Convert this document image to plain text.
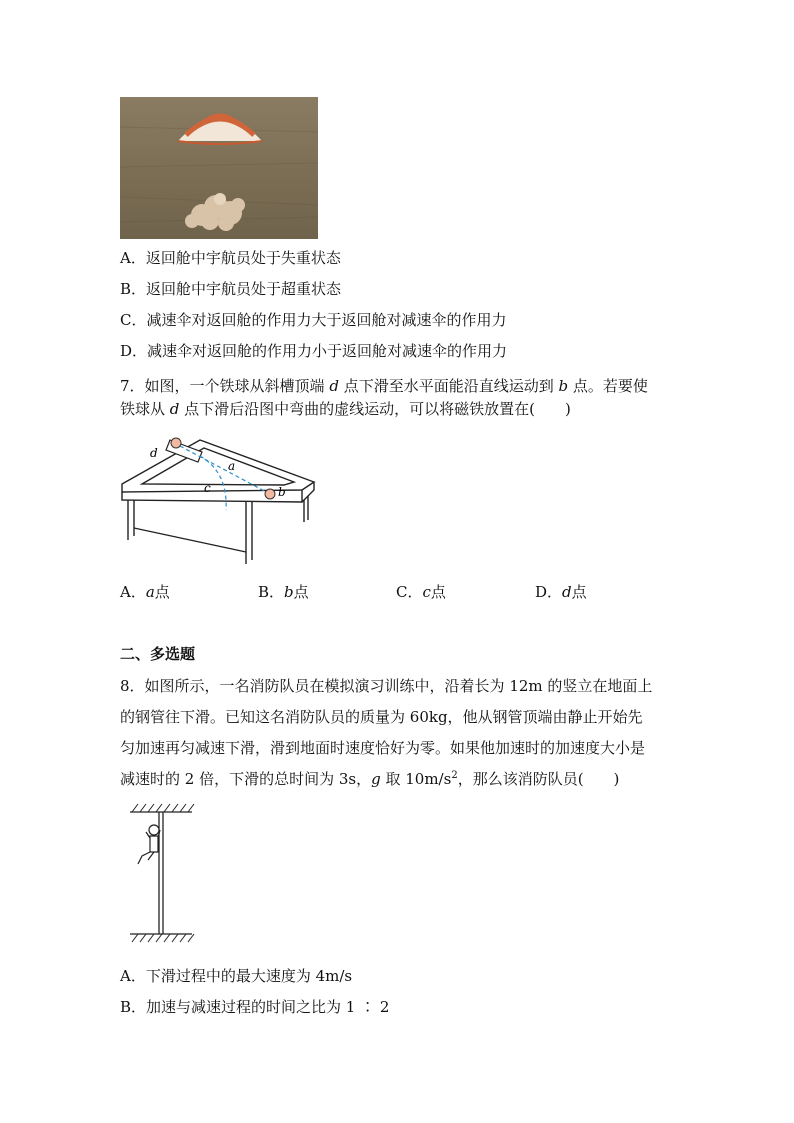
A．返回舱中宇航员处于失重状态
B．返回舱中宇航员处于超重状态
C．减速伞对返回舱的作用力大于返回舱对减速伞的作用力
D．减速伞对返回舱的作用力小于返回舱对减速伞的作用力
7．如图，一个铁球从斜槽顶端 d 点下滑至水平面能沿直线运动到 b 点。若要使
铁球从 d 点下滑后沿图中弯曲的虚线运动，可以将磁铁放置在(　　)
d
a
c	b
A．a点	B．b点	C．c点	D．d点
二、多选题
8．如图所示，一名消防队员在模拟演习训练中，沿着长为 12m 的竖立在地面上
的钢管往下滑。已知这名消防队员的质量为 60kg，他从钢管顶端由静止开始先
匀加速再匀减速下滑，滑到地面时速度恰好为零。如果他加速时的加速度大小是
减速时的 2 倍，下滑的总时间为 3s，g 取 $10m/s^2$，那么该消防队员(　　)
A．下滑过程中的最大速度为 4m/s
B．加速与减速过程的时间之比为 1 ∶ 2
